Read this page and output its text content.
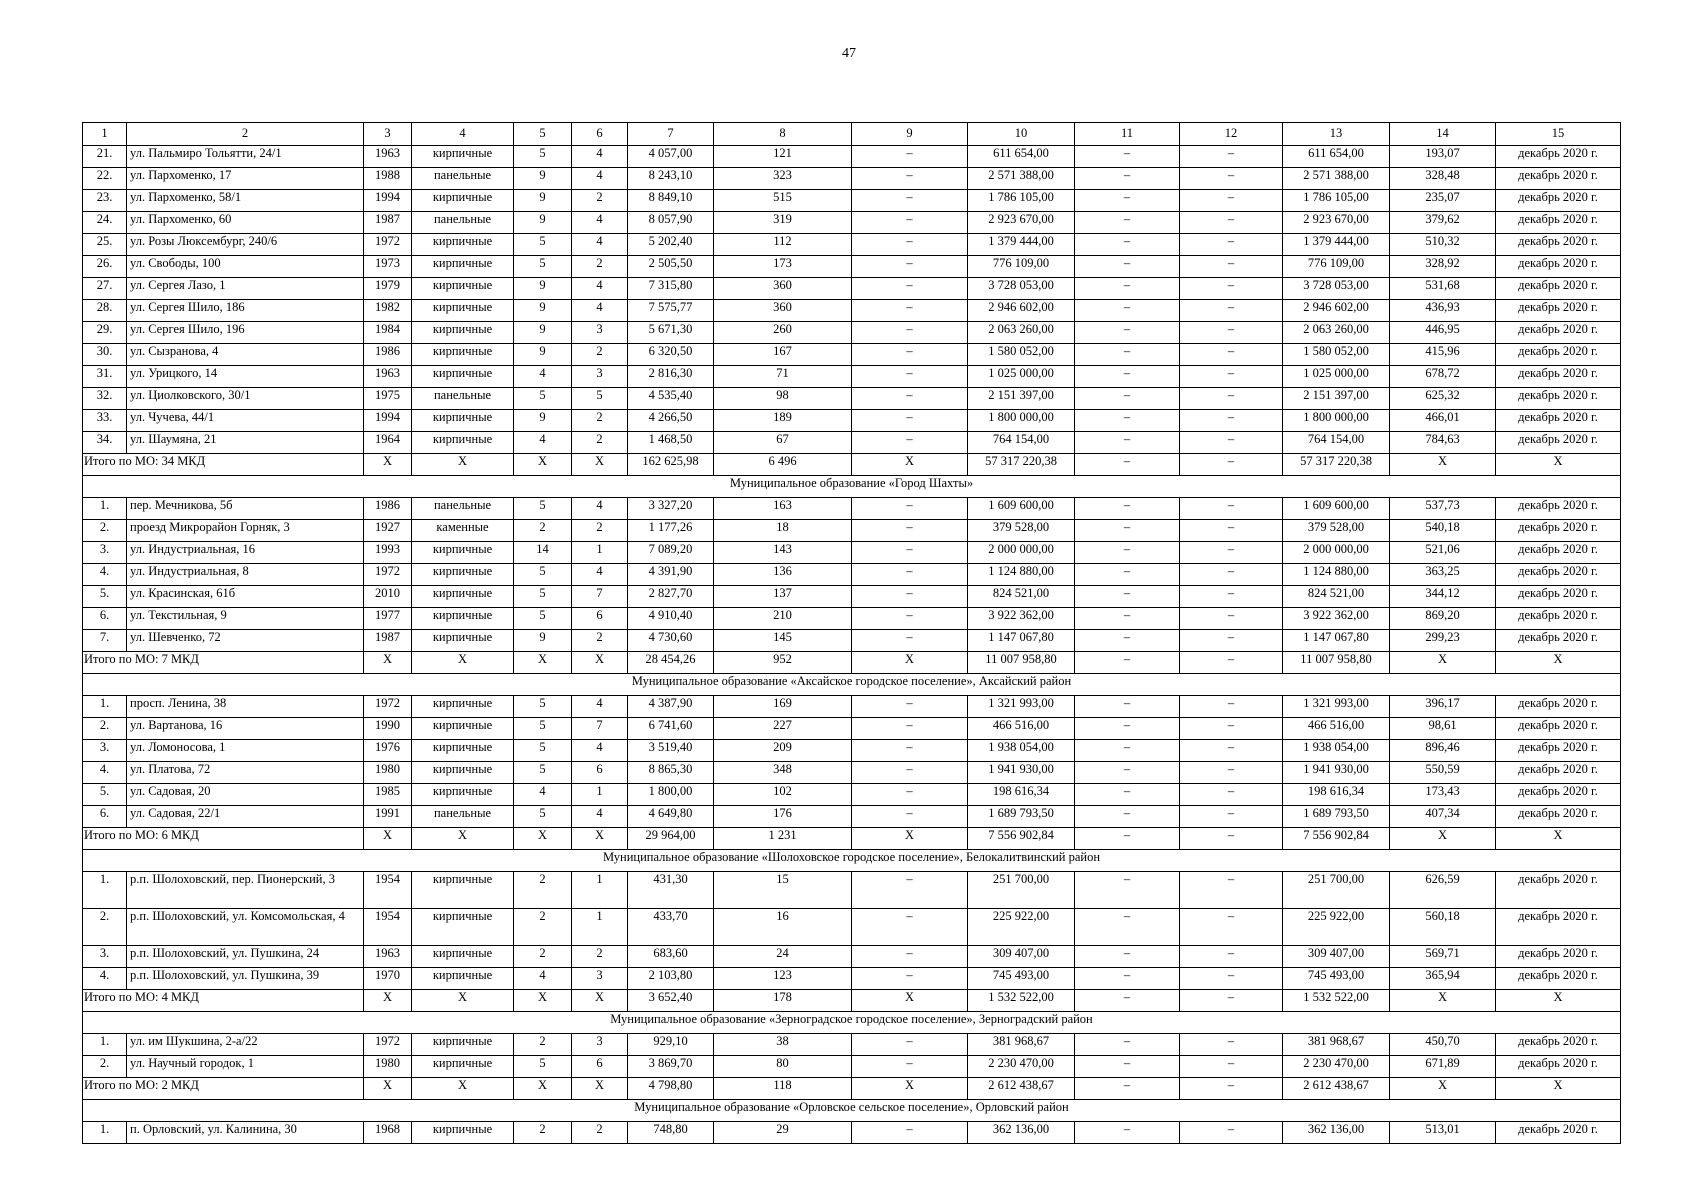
47
1	2	3	4	5	6	7	8	9	10	11	12	13	14	15
21.	ул. Пальмиро Тольятти, 24/1	1963	кирпичные	5	4	4 057,00	121	–	611 654,00	–	–	611 654,00	193,07	декабрь 2020 г.
22.	ул. Пархоменко, 17	1988	панельные	9	4	8 243,10	323	–	2 571 388,00	–	–	2 571 388,00	328,48	декабрь 2020 г.
23.	ул. Пархоменко, 58/1	1994	кирпичные	9	2	8 849,10	515	–	1 786 105,00	–	–	1 786 105,00	235,07	декабрь 2020 г.
24.	ул. Пархоменко, 60	1987	панельные	9	4	8 057,90	319	–	2 923 670,00	–	–	2 923 670,00	379,62	декабрь 2020 г.
25.	ул. Розы Люксембург, 240/6	1972	кирпичные	5	4	5 202,40	112	–	1 379 444,00	–	–	1 379 444,00	510,32	декабрь 2020 г.
26.	ул. Свободы, 100	1973	кирпичные	5	2	2 505,50	173	–	776 109,00	–	–	776 109,00	328,92	декабрь 2020 г.
27.	ул. Сергея Лазо, 1	1979	кирпичные	9	4	7 315,80	360	–	3 728 053,00	–	–	3 728 053,00	531,68	декабрь 2020 г.
28.	ул. Сергея Шило, 186	1982	кирпичные	9	4	7 575,77	360	–	2 946 602,00	–	–	2 946 602,00	436,93	декабрь 2020 г.
29.	ул. Сергея Шило, 196	1984	кирпичные	9	3	5 671,30	260	–	2 063 260,00	–	–	2 063 260,00	446,95	декабрь 2020 г.
30.	ул. Сызранова, 4	1986	кирпичные	9	2	6 320,50	167	–	1 580 052,00	–	–	1 580 052,00	415,96	декабрь 2020 г.
31.	ул. Урицкого, 14	1963	кирпичные	4	3	2 816,30	71	–	1 025 000,00	–	–	1 025 000,00	678,72	декабрь 2020 г.
32.	ул. Циолковского, 30/1	1975	панельные	5	5	4 535,40	98	–	2 151 397,00	–	–	2 151 397,00	625,32	декабрь 2020 г.
33.	ул. Чучева, 44/1	1994	кирпичные	9	2	4 266,50	189	–	1 800 000,00	–	–	1 800 000,00	466,01	декабрь 2020 г.
34.	ул. Шаумяна, 21	1964	кирпичные	4	2	1 468,50	67	–	764 154,00	–	–	764 154,00	784,63	декабрь 2020 г.
Итого по МО: 34 МКД		X	X	X	X	162 625,98	6 496	X	57 317 220,38	–	–	57 317 220,38	X	X
Муниципальное образование «Город Шахты»														
1.	пер. Мечникова, 5б	1986	панельные	5	4	3 327,20	163	–	1 609 600,00	–	–	1 609 600,00	537,73	декабрь 2020 г.
2.	проезд Микрорайон Горняк, 3	1927	каменные	2	2	1 177,26	18	–	379 528,00	–	–	379 528,00	540,18	декабрь 2020 г.
3.	ул. Индустриальная, 16	1993	кирпичные	14	1	7 089,20	143	–	2 000 000,00	–	–	2 000 000,00	521,06	декабрь 2020 г.
4.	ул. Индустриальная, 8	1972	кирпичные	5	4	4 391,90	136	–	1 124 880,00	–	–	1 124 880,00	363,25	декабрь 2020 г.
5.	ул. Красинская, 61б	2010	кирпичные	5	7	2 827,70	137	–	824 521,00	–	–	824 521,00	344,12	декабрь 2020 г.
6.	ул. Текстильная, 9	1977	кирпичные	5	6	4 910,40	210	–	3 922 362,00	–	–	3 922 362,00	869,20	декабрь 2020 г.
7.	ул. Шевченко, 72	1987	кирпичные	9	2	4 730,60	145	–	1 147 067,80	–	–	1 147 067,80	299,23	декабрь 2020 г.
Итого по МО: 7 МКД		X	X	X	X	28 454,26	952	X	11 007 958,80	–	–	11 007 958,80	X	X
Муниципальное образование «Аксайское городское поселение», Аксайский район														
1.	просп. Ленина, 38	1972	кирпичные	5	4	4 387,90	169	–	1 321 993,00	–	–	1 321 993,00	396,17	декабрь 2020 г.
2.	ул. Вартанова, 16	1990	кирпичные	5	7	6 741,60	227	–	466 516,00	–	–	466 516,00	98,61	декабрь 2020 г.
3.	ул. Ломоносова, 1	1976	кирпичные	5	4	3 519,40	209	–	1 938 054,00	–	–	1 938 054,00	896,46	декабрь 2020 г.
4.	ул. Платова, 72	1980	кирпичные	5	6	8 865,30	348	–	1 941 930,00	–	–	1 941 930,00	550,59	декабрь 2020 г.
5.	ул. Садовая, 20	1985	кирпичные	4	1	1 800,00	102	–	198 616,34	–	–	198 616,34	173,43	декабрь 2020 г.
6.	ул. Садовая, 22/1	1991	панельные	5	4	4 649,80	176	–	1 689 793,50	–	–	1 689 793,50	407,34	декабрь 2020 г.
Итого по МО: 6 МКД		X	X	X	X	29 964,00	1 231	X	7 556 902,84	–	–	7 556 902,84	X	X
Муниципальное образование «Шолоховское городское поселение», Белокалитвинский район														
1.	р.п. Шолоховский, пер. Пионерский, 3	1954	кирпичные	2	1	431,30	15	–	251 700,00	–	–	251 700,00	626,59	декабрь 2020 г.
2.	р.п. Шолоховский, ул. Комсомольская, 4	1954	кирпичные	2	1	433,70	16	–	225 922,00	–	–	225 922,00	560,18	декабрь 2020 г.
3.	р.п. Шолоховский, ул. Пушкина, 24	1963	кирпичные	2	2	683,60	24	–	309 407,00	–	–	309 407,00	569,71	декабрь 2020 г.
4.	р.п. Шолоховский, ул. Пушкина, 39	1970	кирпичные	4	3	2 103,80	123	–	745 493,00	–	–	745 493,00	365,94	декабрь 2020 г.
Итого по МО: 4 МКД		X	X	X	X	3 652,40	178	X	1 532 522,00	–	–	1 532 522,00	X	X
Муниципальное образование «Зерноградское городское поселение», Зерноградский район														
1.	ул. им Шукшина, 2-а/22	1972	кирпичные	2	3	929,10	38	–	381 968,67	–	–	381 968,67	450,70	декабрь 2020 г.
2.	ул. Научный городок, 1	1980	кирпичные	5	6	3 869,70	80	–	2 230 470,00	–	–	2 230 470,00	671,89	декабрь 2020 г.
Итого по МО: 2 МКД		X	X	X	X	4 798,80	118	X	2 612 438,67	–	–	2 612 438,67	X	X
Муниципальное образование «Орловское сельское поселение», Орловский район														
1.	п. Орловский, ул. Калинина, 30	1968	кирпичные	2	2	748,80	29	–	362 136,00	–	–	362 136,00	513,01	декабрь 2020 г.
